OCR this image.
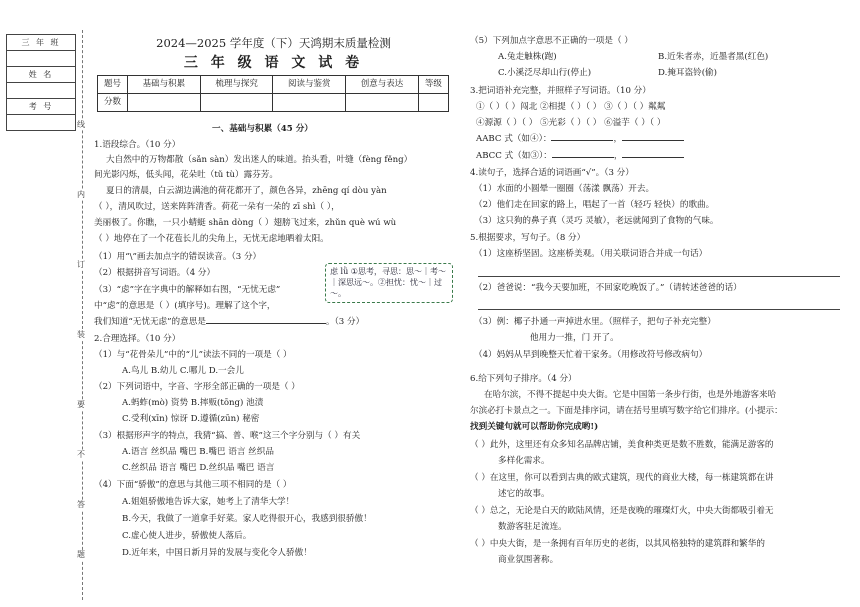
三 年 班

姓 名

考 号

线
内
订
装
要
不
答
题
2024—2025 学年度（下）天鸿期末质量检测
三 年 级 语 文 试 卷
题号	基础与积累	梳理与探究	阅读与鉴赏	创意与表达	等级
分数					
一、基础与积累（45 分）
1.语段综合。（10 分）
大自然中的万物都散（sǎn sàn）发出迷人的味道。抬头看，叶缝（fèng fěng）
间光影闪烁，低头闻，花朵吐（tǔ tù）露芬芳。
夏日的清晨，白云湖边满池的荷花都开了，颜色各异，zhēng qí dòu yàn
（ ），清风吹过，送来阵阵清香。荷花一朵有一朵的 zī shì（ ），
美丽极了。你瞧，一只小蜻蜓 shān dòng（ ）翅膀飞过来，zhǔn què wú wù
（ ）地停在了一个花苞长儿的尖角上，无忧无虑地晒着太阳。
（1）用“\”画去加点字的错误读音。（3 分）
（2）根据拼音写词语。（4 分）
（3）“虑”字在字典中的解释如右图，“无忧无虑”
中“虑”的意思是（ ）(填序号)。理解了这个字，
我们知道“无忧无虑”的意思是	。（3 分）
2.合理选择。（10 分）
（1）与“花骨朵儿”中的“儿”读法不同的一项是（ ）
A.鸟儿 B.幼儿 C.哪儿 D.一会儿
（2）下列词语中，字音、字形全部正确的一项是（ ）
A.蚂蚱(mò) 资势 B.摔贩(tōng) 池渍
C.受利(xīn) 惊讶 D.遵循(zūn) 秘密
（3）根据形声字的特点，我猜“搞、普、喉”这三个字分别与（ ）有关
A.语言 丝织品 嘴巴 B.嘴巴 语言 丝织品
C.丝织品 语言 嘴巴 D.丝织品 嘴巴 语言
（4）下面“骄傲”的意思与其他三项不相同的是（ ）
A.姐姐骄傲地告诉大家，她考上了清华大学！
B.今天，我做了一道拿手好菜。家人吃得很开心，我感到很骄傲！
C.虚心使人进步，骄傲使人落后。
D.近年来，中国日新月异的发展与变化令人骄傲！
虑 lǜ ①思考，寻思：思～｜考～｜深思远～。②担忧：忧～｜过～。
（5）下列加点字意思不正确的一项是（ ）
A.兔走触株(跑)	B.近朱者赤，近墨者黑(红色)
C.小溪泛尽却山行(停止)	D.掩耳盗铃(偷)
3.把词语补充完整，并照样子写词语。（10 分）
①（ ）（ ）闯北 ②相提（ ）（ ） ③（ ）（ ）粼粼
④源源（ ）（ ） ⑤光彩（ ）（ ） ⑥溢芋（ ）（ ）
AABC 式（如④）：	，
ABCC 式（如③）：	，
4.读句子，选择合适的词语画“√”。（3 分）
（1）水面的小圆晕一圈圈（荡漾 飘荡）开去。
（2）他们走在回家的路上，唱起了一首（轻巧 轻快）的歌曲。
（3）这只狗的鼻子真（灵巧 灵敏），老远就闻到了食物的气味。
5.根据要求，写句子。（8 分）
（1）这座桥坚固。这座桥美观。（用关联词语合并成一句话）
（2）爸爸说：“我今天要加班，不回家吃晚饭了。”（请转述爸爸的话）
（3）例：椰子扑通一声掉进水里。（照样子，把句子补充完整）
他用力一推，门 开了。
（4）妈妈从早到晚整天忙着干家务。（用修改符号修改病句）
6.给下列句子排序。（4 分）
在哈尔滨，不得不提起中央大街。它是中国第一条步行街，也是外地游客来哈
尔滨必打卡景点之一。下面是排序词，请在括号里填写数字给它们排序。(小提示：
找到关键句就可以帮助你完成哟!)
（ ）此外，这里还有众多知名品牌店铺，美食种类更是数不胜数，能满足游客的
多样化需求。
（ ）在这里，你可以看到古典的欧式建筑，现代的商业大楼，每一栋建筑都在讲
述它的故事。
（ ）总之，无论是白天的欧陆风情，还是夜晚的璀璨灯火，中央大街都吸引着无
数游客驻足流连。
（ ）中央大街，是一条拥有百年历史的老街，以其风格独特的建筑群和繁华的
商业氛围著称。
